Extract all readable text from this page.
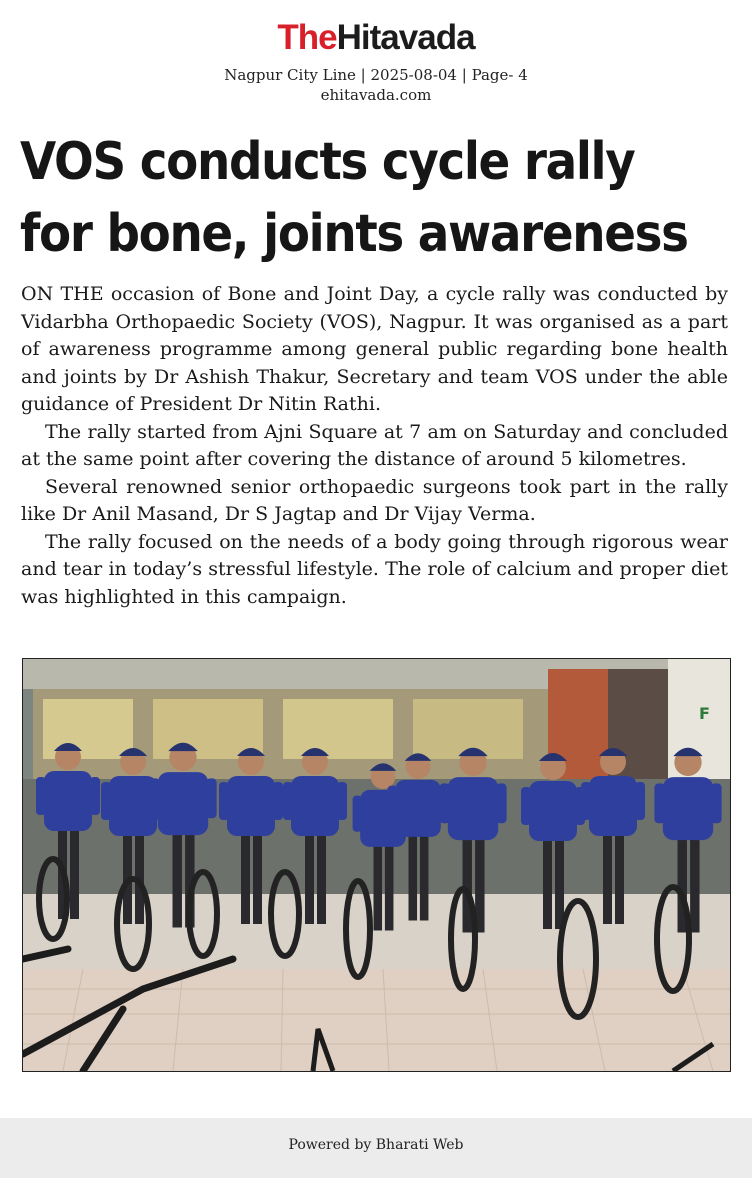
TheHitavada
Nagpur City Line | 2025-08-04 | Page- 4
ehitavada.com
VOS conducts cycle rally
for bone, joints awareness

ON THE occasion of Bone and Joint Day, a cycle rally was conducted by Vidarbha Orthopaedic Society (VOS), Nagpur. It was organised as a part of awareness programme among general public regarding bone health and joints by Dr Ashish Thakur, Secretary and team VOS under the able guidance of President Dr Nitin Rathi.

The rally started from Ajni Square at 7 am on Saturday and concluded at the same point after covering the distance of around 5 kilometres.

Several renowned senior orthopaedic surgeons took part in the rally like Dr Anil Masand, Dr S Jagtap and Dr Vijay Verma.

The rally focused on the needs of a body going through rigorous wear and tear in today’s stressful lifestyle. The role of calcium and proper diet was highlighted in this campaign.

F
Powered by Bharati Web
